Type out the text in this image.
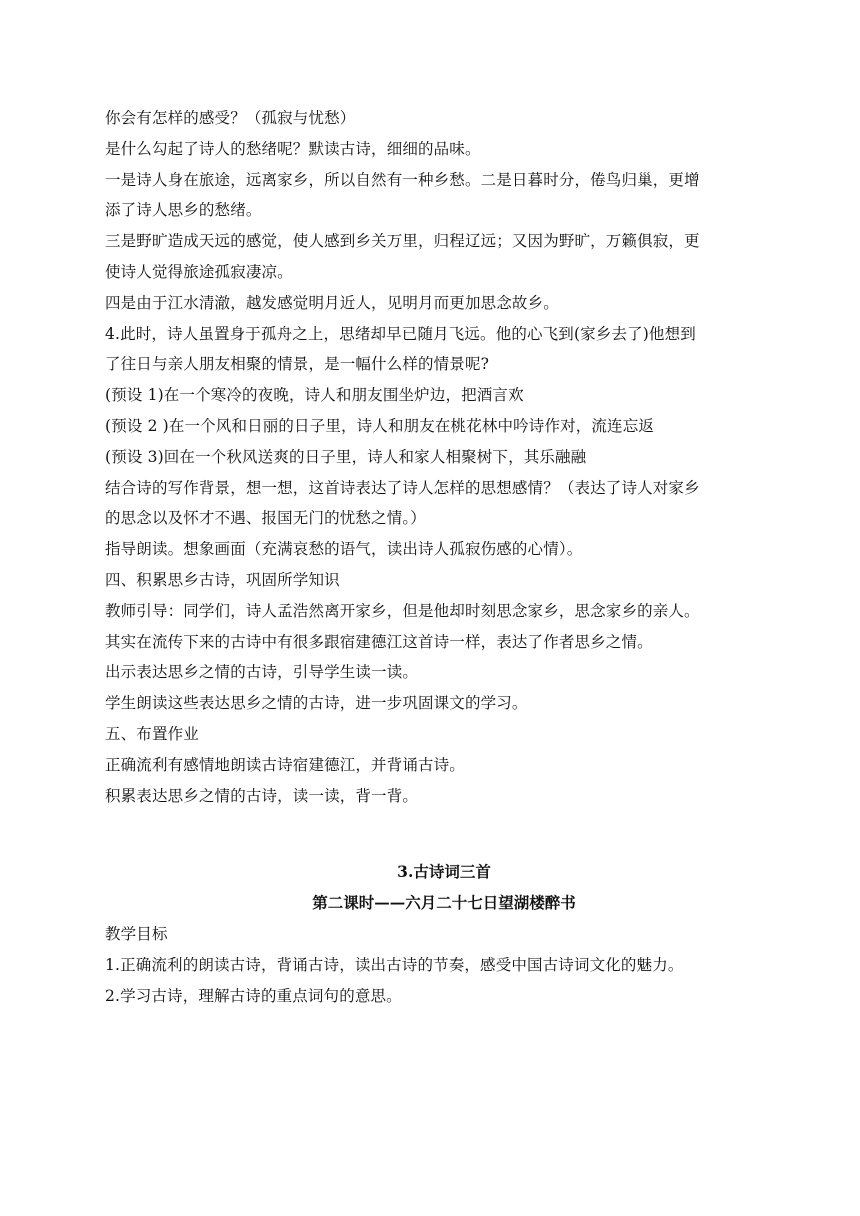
你会有怎样的感受？（孤寂与忧愁）
是什么勾起了诗人的愁绪呢？默读古诗，细细的品味。
一是诗人身在旅途，远离家乡，所以自然有一种乡愁。二是日暮时分，倦鸟归巢，更增
添了诗人思乡的愁绪。
三是野旷造成天远的感觉，使人感到乡关万里，归程辽远；又因为野旷，万籁俱寂，更
使诗人觉得旅途孤寂凄凉。
四是由于江水清澈，越发感觉明月近人，见明月而更加思念故乡。
4.此时，诗人虽置身于孤舟之上，思绪却早已随月飞远。他的心飞到(家乡去了)他想到
了往日与亲人朋友相聚的情景，是一幅什么样的情景呢?
(预设 1)在一个寒冷的夜晚，诗人和朋友围坐炉边，把酒言欢
(预设 2 )在一个风和日丽的日子里，诗人和朋友在桃花林中吟诗作对，流连忘返
(预设 3)回在一个秋风送爽的日子里，诗人和家人相聚树下，其乐融融
结合诗的写作背景，想一想，这首诗表达了诗人怎样的思想感情？（表达了诗人对家乡
的思念以及怀才不遇、报国无门的忧愁之情。）
指导朗读。想象画面（充满哀愁的语气，读出诗人孤寂伤感的心情）。
四、积累思乡古诗，巩固所学知识
教师引导：同学们，诗人孟浩然离开家乡，但是他却时刻思念家乡，思念家乡的亲人。
其实在流传下来的古诗中有很多跟宿建德江这首诗一样，表达了作者思乡之情。
出示表达思乡之情的古诗，引导学生读一读。
学生朗读这些表达思乡之情的古诗，进一步巩固课文的学习。
五、布置作业
正确流利有感情地朗读古诗宿建德江，并背诵古诗。
积累表达思乡之情的古诗，读一读，背一背。
3.古诗词三首
第二课时——六月二十七日望湖楼醉书
教学目标
1.正确流利的朗读古诗，背诵古诗，读出古诗的节奏，感受中国古诗词文化的魅力。
2.学习古诗，理解古诗的重点词句的意思。
